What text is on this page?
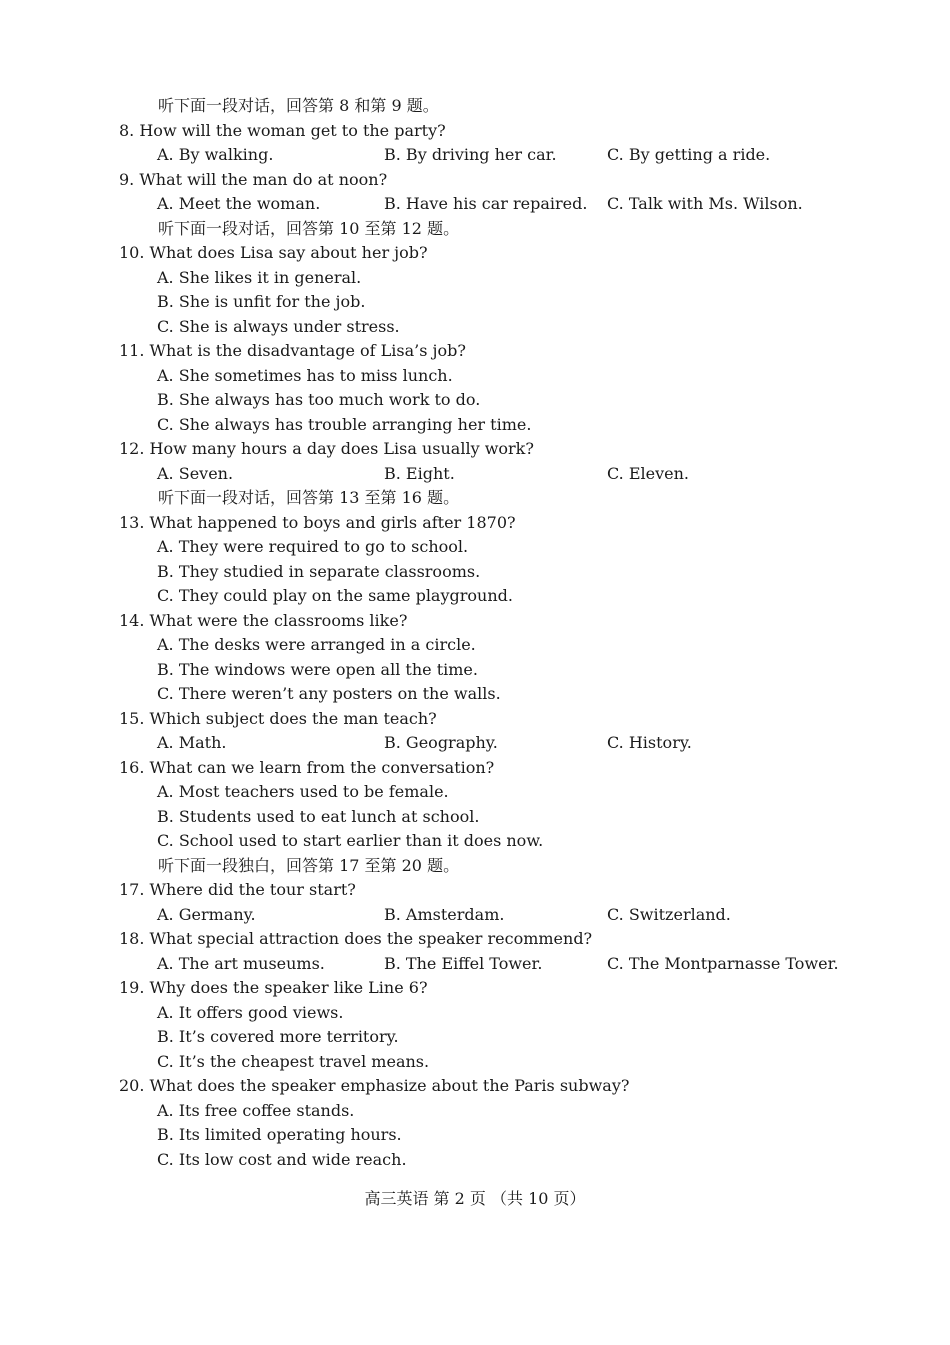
听下面一段对话，回答第 8 和第 9 题。
8. How will the woman get to the party?
A. By walking.	B. By driving her car.	C. By getting a ride.
9. What will the man do at noon?
A. Meet the woman.	B. Have his car repaired.	C. Talk with Ms. Wilson.
听下面一段对话，回答第 10 至第 12 题。
10. What does Lisa say about her job?
A. She likes it in general.
B. She is unfit for the job.
C. She is always under stress.
11. What is the disadvantage of Lisa’s job?
A. She sometimes has to miss lunch.
B. She always has too much work to do.
C. She always has trouble arranging her time.
12. How many hours a day does Lisa usually work?
A. Seven.	B. Eight.	C. Eleven.
听下面一段对话，回答第 13 至第 16 题。
13. What happened to boys and girls after 1870?
A. They were required to go to school.
B. They studied in separate classrooms.
C. They could play on the same playground.
14. What were the classrooms like?
A. The desks were arranged in a circle.
B. The windows were open all the time.
C. There weren’t any posters on the walls.
15. Which subject does the man teach?
A. Math.	B. Geography.	C. History.
16. What can we learn from the conversation?
A. Most teachers used to be female.
B. Students used to eat lunch at school.
C. School used to start earlier than it does now.
听下面一段独白，回答第 17 至第 20 题。
17. Where did the tour start?
A. Germany.	B. Amsterdam.	C. Switzerland.
18. What special attraction does the speaker recommend?
A. The art museums.	B. The Eiffel Tower.	C. The Montparnasse Tower.
19. Why does the speaker like Line 6?
A. It offers good views.
B. It’s covered more territory.
C. It’s the cheapest travel means.
20. What does the speaker emphasize about the Paris subway?
A. Its free coffee stands.
B. Its limited operating hours.
C. Its low cost and wide reach.
高三英语 第 2 页 （共 10 页）
